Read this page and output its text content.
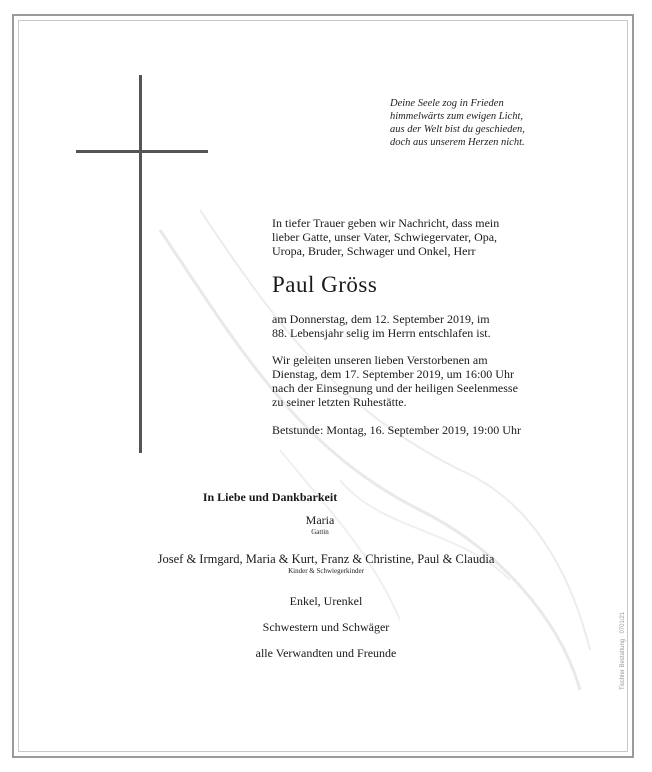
Deine Seele zog in Frieden
himmelwärts zum ewigen Licht,
aus der Welt bist du geschieden,
doch aus unserem Herzen nicht.
In tiefer Trauer geben wir Nachricht, dass mein
lieber Gatte, unser Vater, Schwiegervater, Opa,
Uropa, Bruder, Schwager und Onkel, Herr
Paul Gröss
am Donnerstag, dem 12. September 2019, im
88. Lebensjahr selig im Herrn entschlafen ist.
Wir geleiten unseren lieben Verstorbenen am
Dienstag, dem 17. September 2019, um 16:00 Uhr
nach der Einsegnung und der heiligen Seelenmesse
zu seiner letzten Ruhestätte.
Betstunde: Montag, 16. September 2019, 19:00 Uhr
In Liebe und Dankbarkeit
Maria
Gattin
Josef & Irmgard, Maria & Kurt, Franz & Christine, Paul & Claudia
Kinder & Schwiegerkinder
Enkel, Urenkel
Schwestern und Schwäger
alle Verwandten und Freunde	Tischler Bestattung · 0701/21
